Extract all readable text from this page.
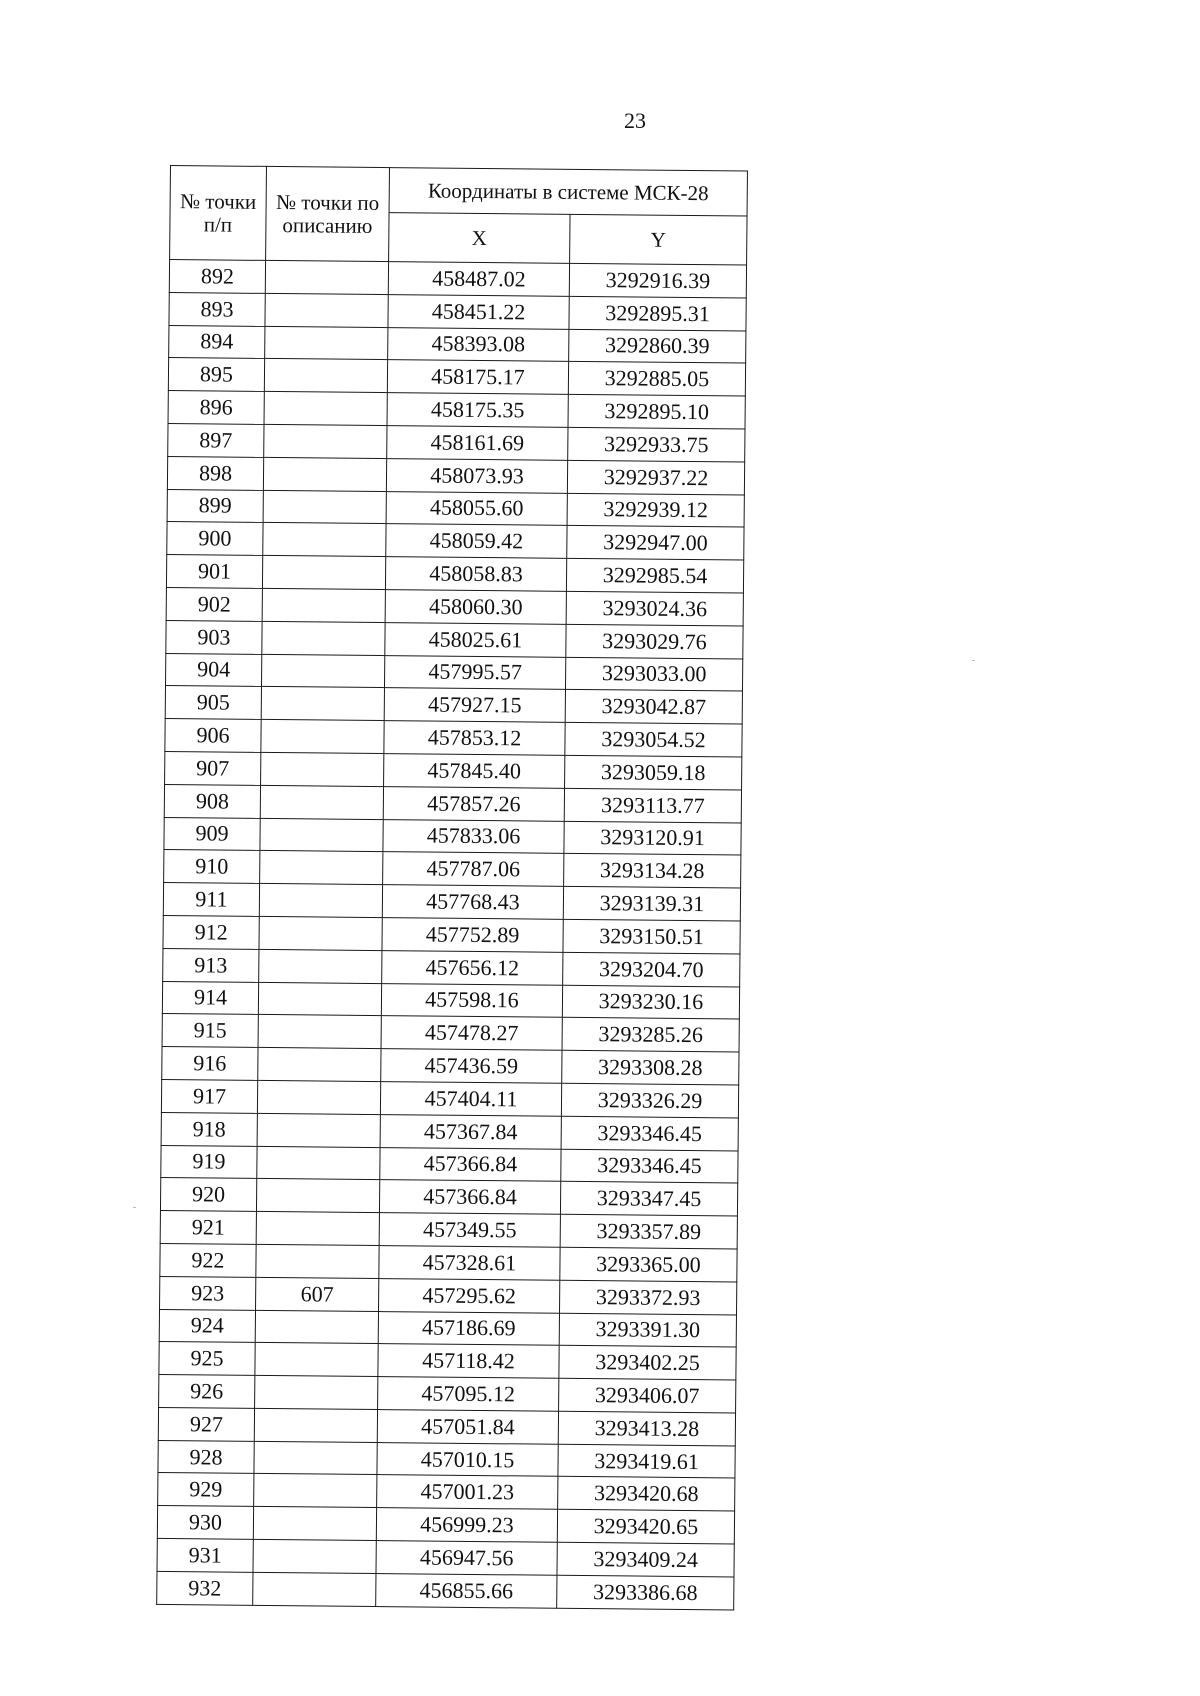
23
№ точки п/п	№ точки по описанию	Координаты в системе МСК-28	
		X	Y
892		458487.02	3292916.39
893		458451.22	3292895.31
894		458393.08	3292860.39
895		458175.17	3292885.05
896		458175.35	3292895.10
897		458161.69	3292933.75
898		458073.93	3292937.22
899		458055.60	3292939.12
900		458059.42	3292947.00
901		458058.83	3292985.54
902		458060.30	3293024.36
903		458025.61	3293029.76
904		457995.57	3293033.00
905		457927.15	3293042.87
906		457853.12	3293054.52
907		457845.40	3293059.18
908		457857.26	3293113.77
909		457833.06	3293120.91
910		457787.06	3293134.28
911		457768.43	3293139.31
912		457752.89	3293150.51
913		457656.12	3293204.70
914		457598.16	3293230.16
915		457478.27	3293285.26
916		457436.59	3293308.28
917		457404.11	3293326.29
918		457367.84	3293346.45
919		457366.84	3293346.45
920		457366.84	3293347.45
921		457349.55	3293357.89
922		457328.61	3293365.00
923	607	457295.62	3293372.93
924		457186.69	3293391.30
925		457118.42	3293402.25
926		457095.12	3293406.07
927		457051.84	3293413.28
928		457010.15	3293419.61
929		457001.23	3293420.68
930		456999.23	3293420.65
931		456947.56	3293409.24
932		456855.66	3293386.68
